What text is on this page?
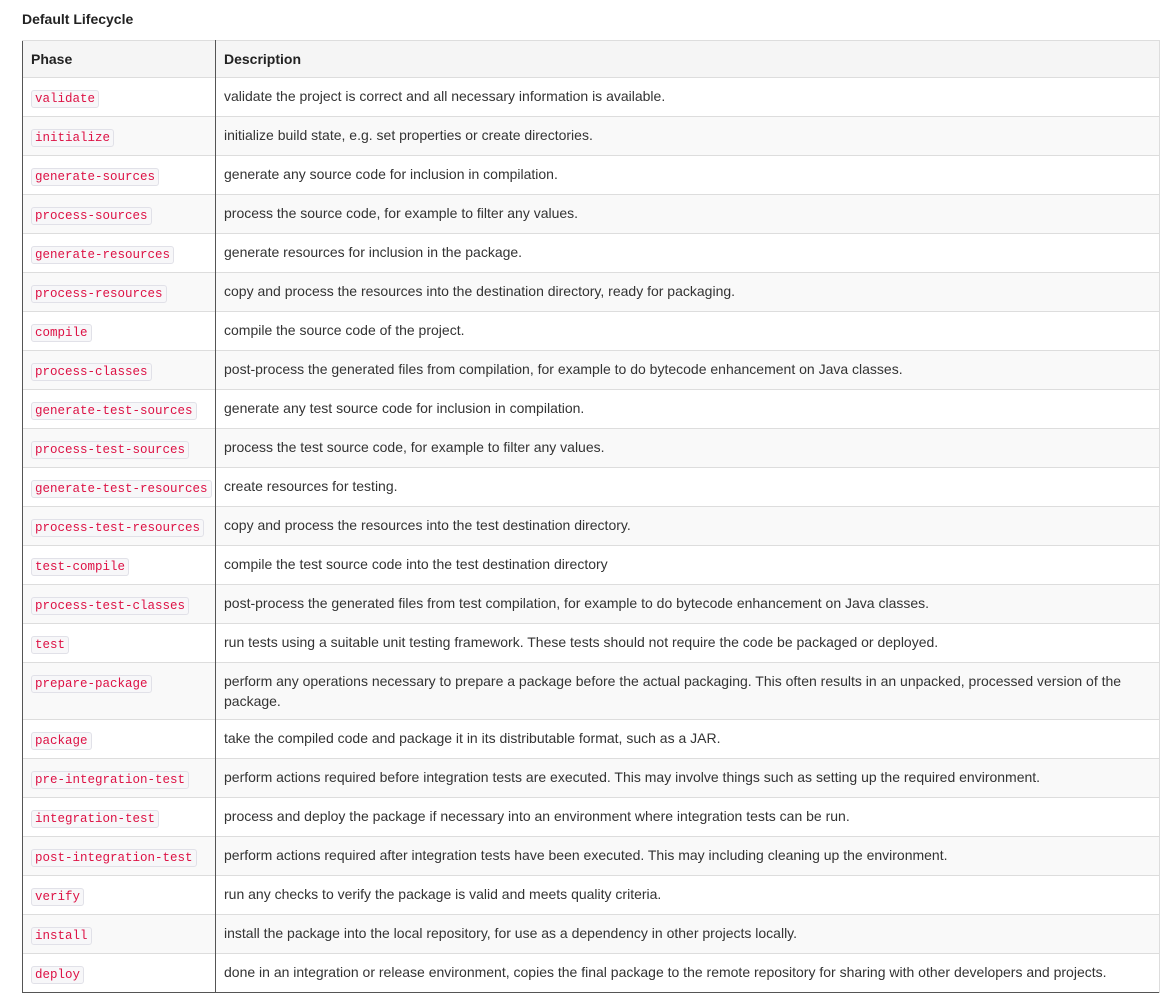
Default Lifecycle
Phase	Description
validate	validate the project is correct and all necessary information is available.
initialize	initialize build state, e.g. set properties or create directories.
generate-sources	generate any source code for inclusion in compilation.
process-sources	process the source code, for example to filter any values.
generate-resources	generate resources for inclusion in the package.
process-resources	copy and process the resources into the destination directory, ready for packaging.
compile	compile the source code of the project.
process-classes	post-process the generated files from compilation, for example to do bytecode enhancement on Java classes.
generate-test-sources	generate any test source code for inclusion in compilation.
process-test-sources	process the test source code, for example to filter any values.
generate-test-resources	create resources for testing.
process-test-resources	copy and process the resources into the test destination directory.
test-compile	compile the test source code into the test destination directory
process-test-classes	post-process the generated files from test compilation, for example to do bytecode enhancement on Java classes.
test	run tests using a suitable unit testing framework. These tests should not require the code be packaged or deployed.
prepare-package	perform any operations necessary to prepare a package before the actual packaging. This often results in an unpacked, processed version of the package.
package	take the compiled code and package it in its distributable format, such as a JAR.
pre-integration-test	perform actions required before integration tests are executed. This may involve things such as setting up the required environment.
integration-test	process and deploy the package if necessary into an environment where integration tests can be run.
post-integration-test	perform actions required after integration tests have been executed. This may including cleaning up the environment.
verify	run any checks to verify the package is valid and meets quality criteria.
install	install the package into the local repository, for use as a dependency in other projects locally.
deploy	done in an integration or release environment, copies the final package to the remote repository for sharing with other developers and projects.
